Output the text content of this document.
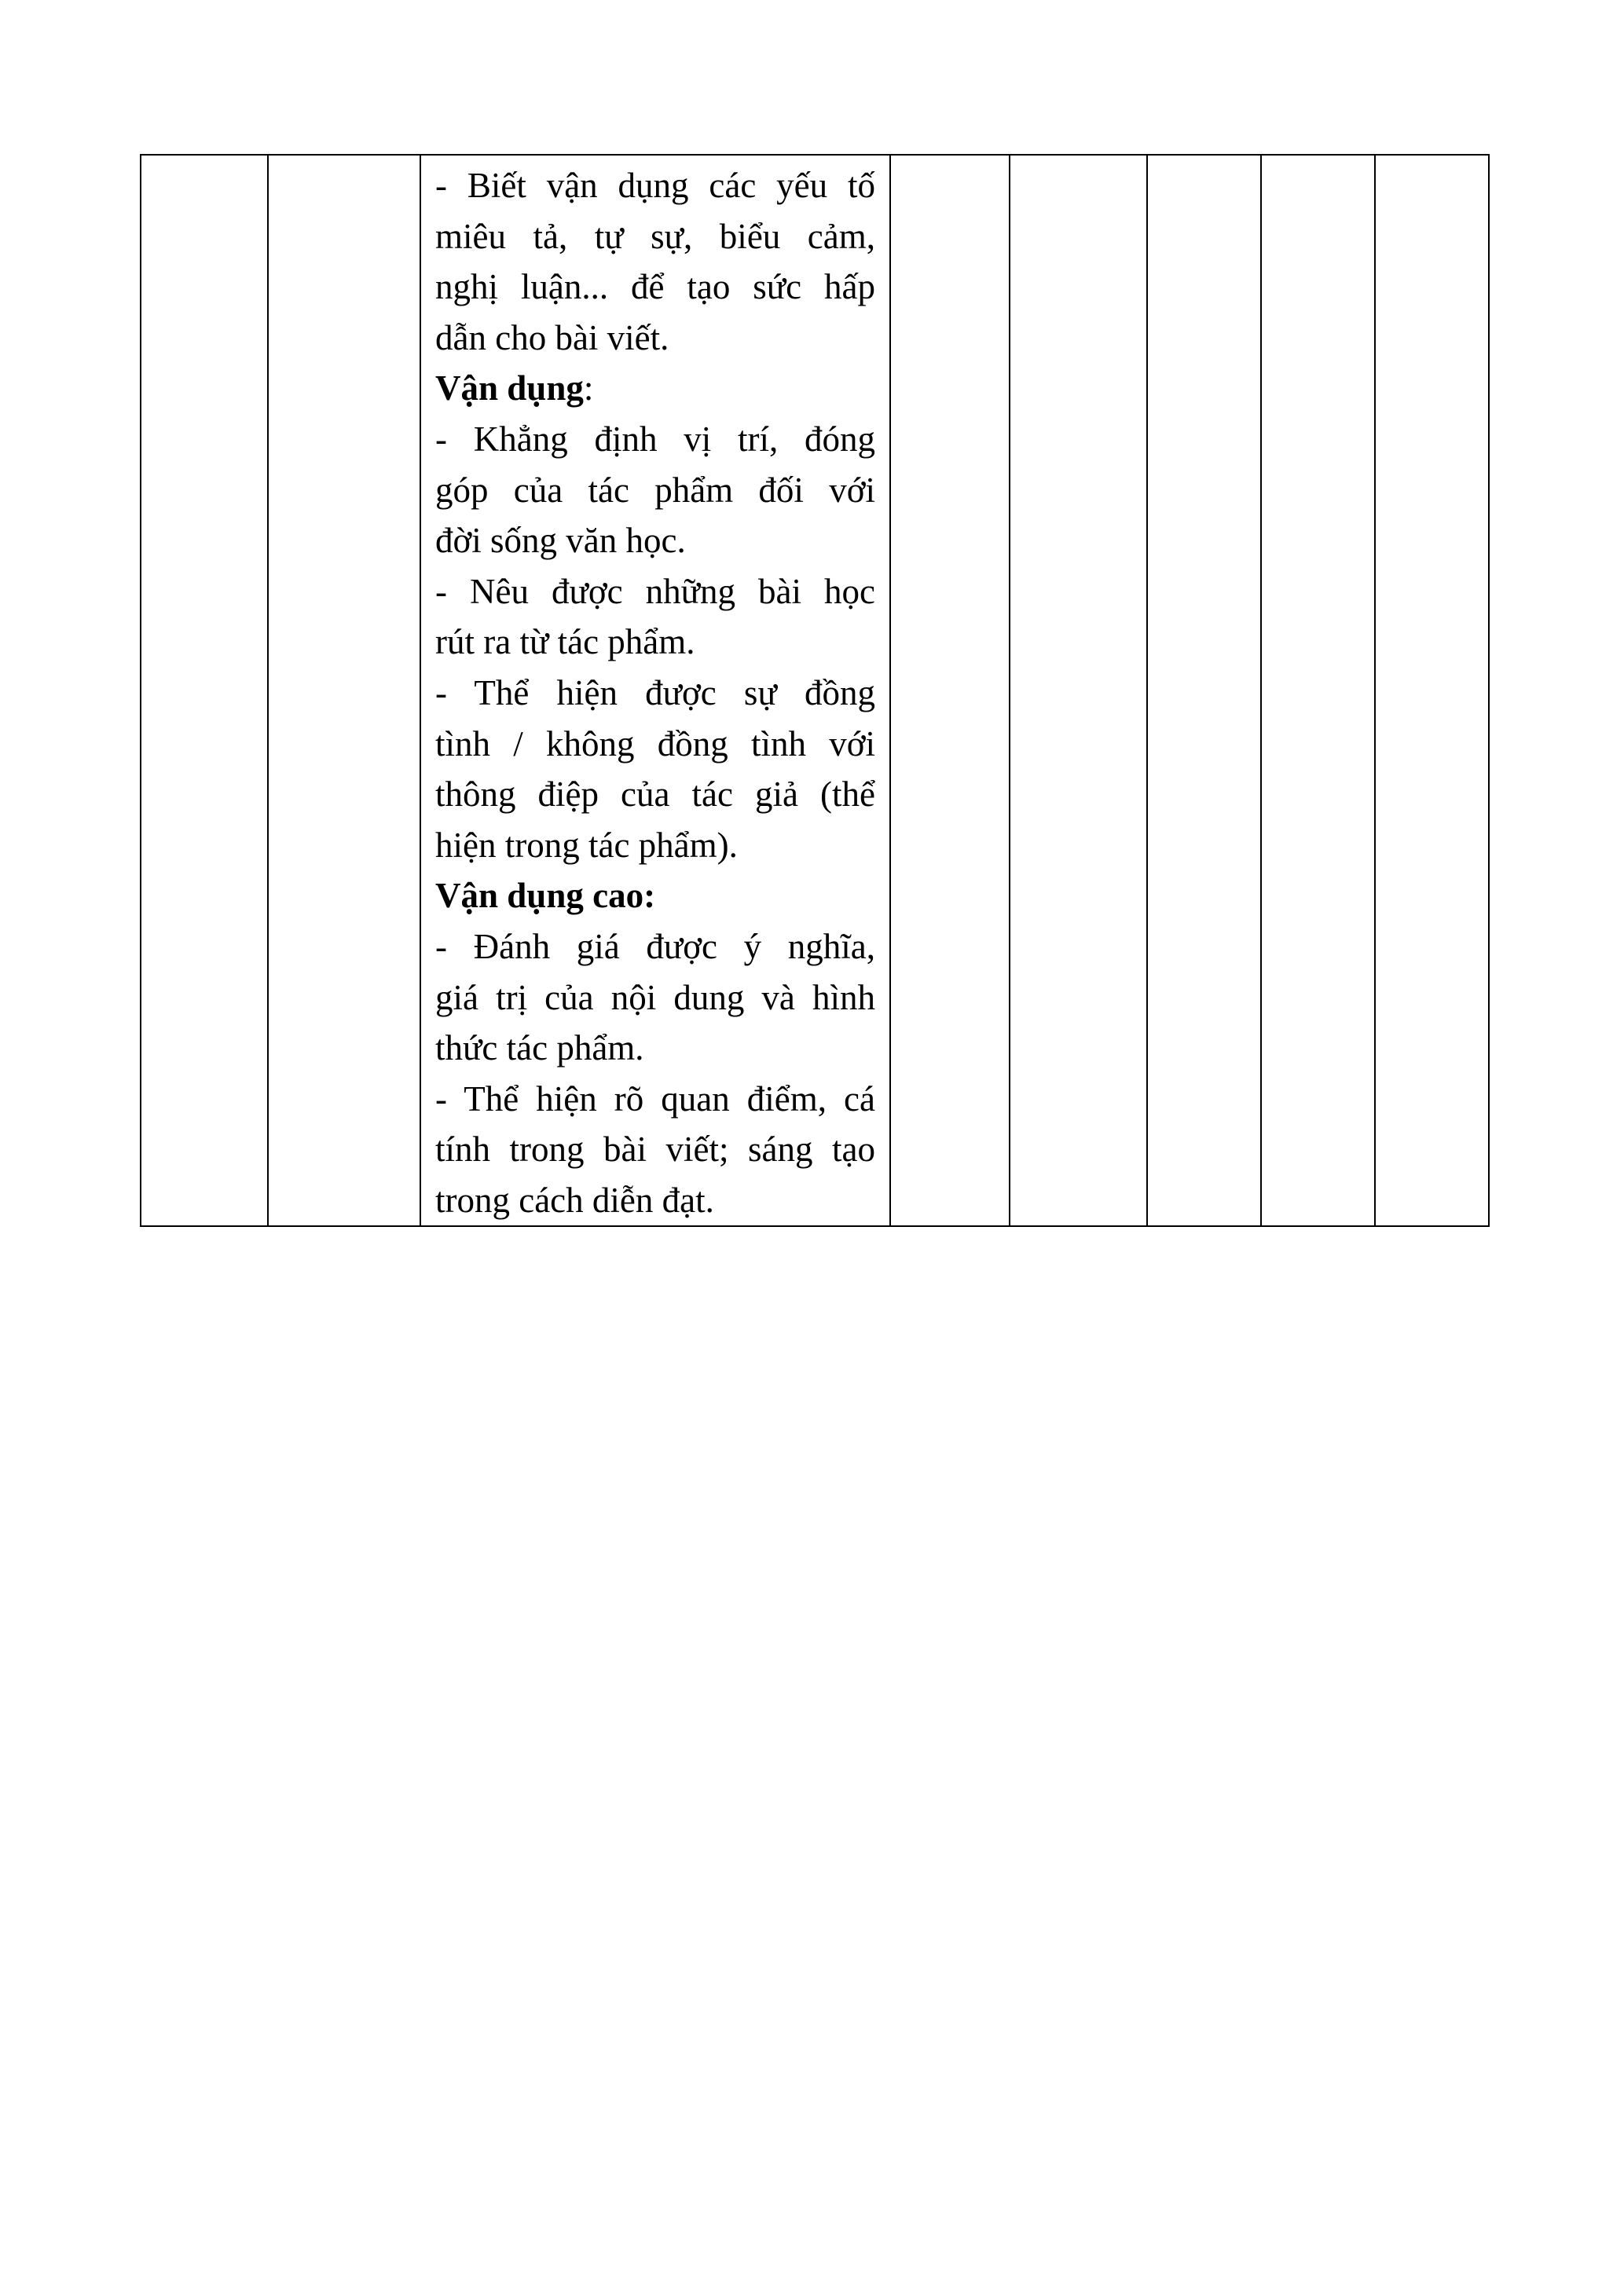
- Biết vận dụng các yếu tố
miêu tả, tự sự, biểu cảm,
nghị luận... để tạo sức hấp
dẫn cho bài viết.
Vận dụng:
- Khẳng định vị trí, đóng
góp của tác phẩm đối với
đời sống văn học.
- Nêu được những bài học
rút ra từ tác phẩm.
- Thể hiện được sự đồng
tình / không đồng tình với
thông điệp của tác giả (thể
hiện trong tác phẩm).
Vận dụng cao:
- Đánh giá được ý nghĩa,
giá trị của nội dung và hình
thức tác phẩm.
- Thể hiện rõ quan điểm, cá
tính trong bài viết; sáng tạo
trong cách diễn đạt.
